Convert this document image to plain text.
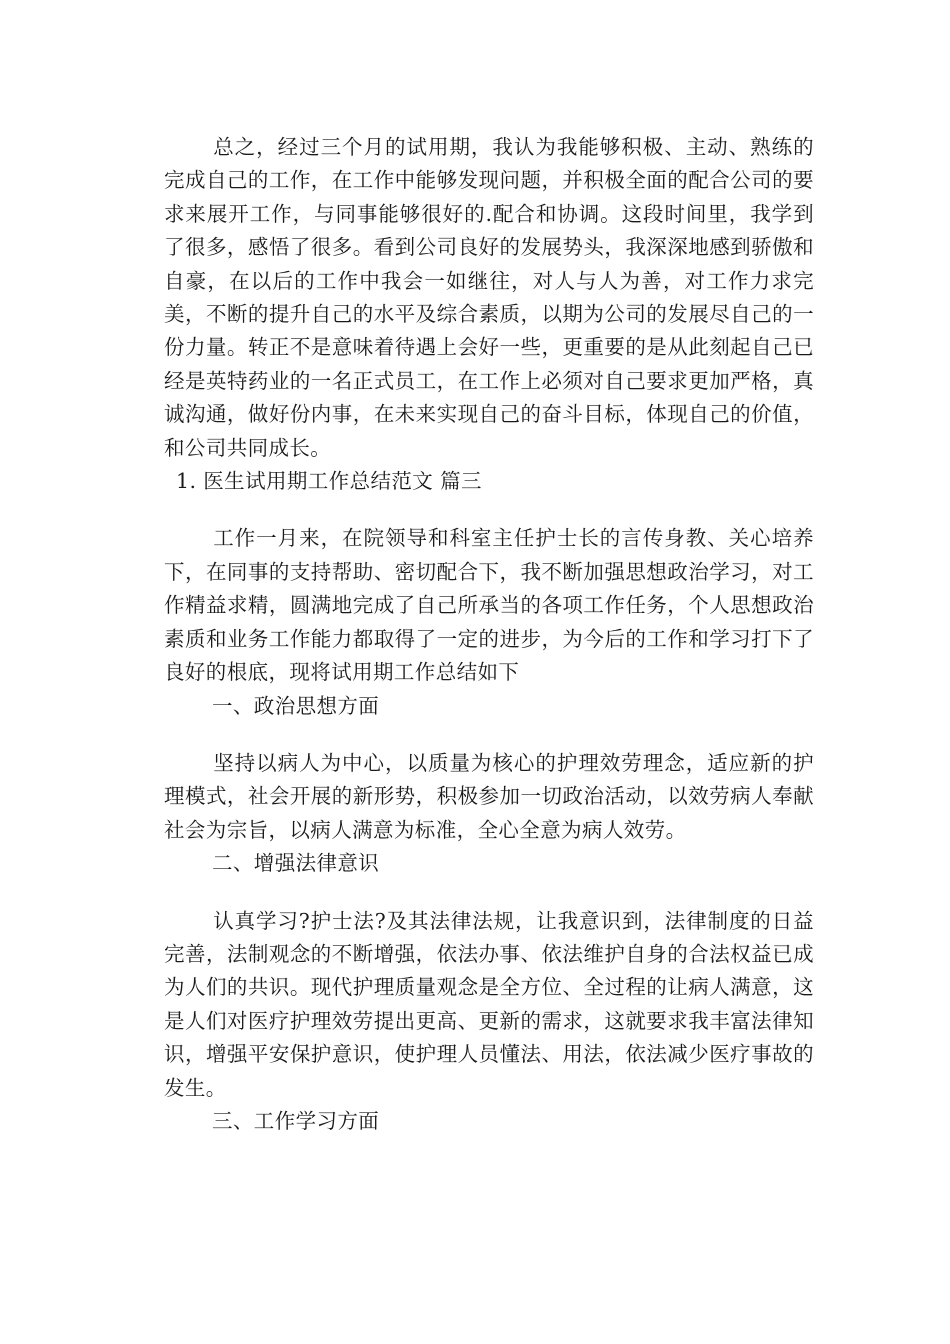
总之，经过三个月的试用期，我认为我能够积极、主动、熟练的完成自己的工作，在工作中能够发现问题，并积极全面的配合公司的要求来展开工作，与同事能够很好的.配合和协调。这段时间里，我学到了很多，感悟了很多。看到公司良好的发展势头，我深深地感到骄傲和自豪，在以后的工作中我会一如继往，对人与人为善，对工作力求完美，不断的提升自己的水平及综合素质，以期为公司的发展尽自己的一份力量。转正不是意味着待遇上会好一些，更重要的是从此刻起自己已经是英特药业的一名正式员工，在工作上必须对自己要求更加严格，真诚沟通，做好份内事，在未来实现自己的奋斗目标，体现自己的价值，和公司共同成长。

1. 医生试用期工作总结范文 篇三

工作一月来，在院领导和科室主任护士长的言传身教、关心培养下，在同事的支持帮助、密切配合下，我不断加强思想政治学习，对工作精益求精，圆满地完成了自己所承当的各项工作任务，个人思想政治素质和业务工作能力都取得了一定的进步，为今后的工作和学习打下了良好的根底，现将试用期工作总结如下

一、政治思想方面

坚持以病人为中心，以质量为核心的护理效劳理念，适应新的护理模式，社会开展的新形势，积极参加一切政治活动，以效劳病人奉献社会为宗旨，以病人满意为标准，全心全意为病人效劳。

二、增强法律意识

认真学习?护士法?及其法律法规，让我意识到，法律制度的日益完善，法制观念的不断增强，依法办事、依法维护自身的合法权益已成为人们的共识。现代护理质量观念是全方位、全过程的让病人满意，这是人们对医疗护理效劳提出更高、更新的需求，这就要求我丰富法律知识，增强平安保护意识，使护理人员懂法、用法，依法减少医疗事故的发生。

三、工作学习方面
